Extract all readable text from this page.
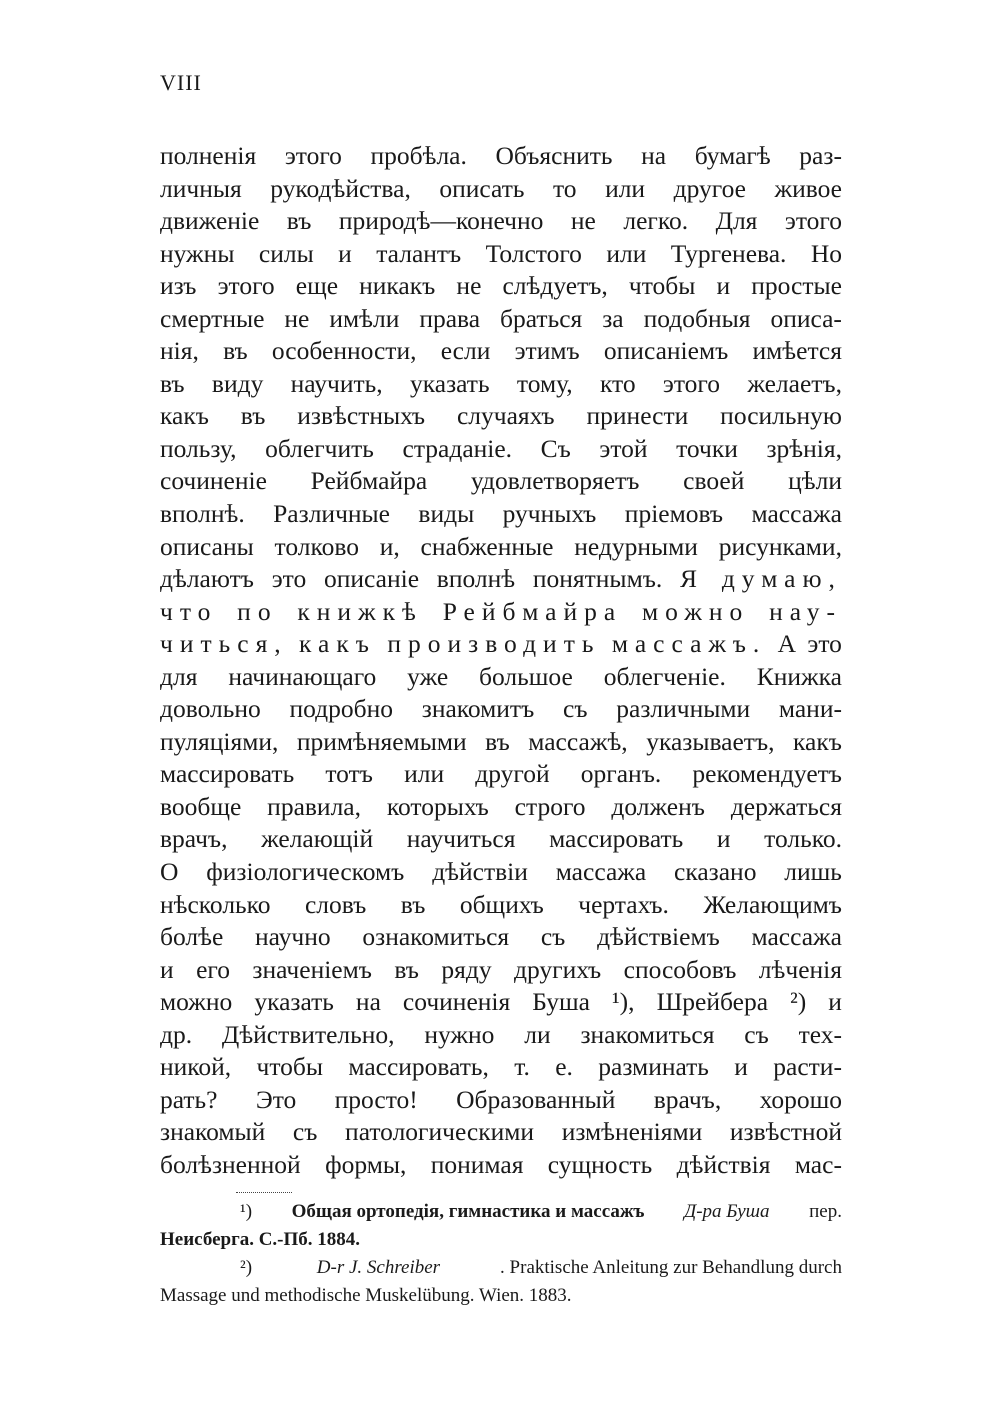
VIII
полненія этого пробѣла. Объяснить на бумагѣ раз-
личныя рукодѣйства, описать то или другое живое
движеніе въ природѣ—конечно не легко. Для этого
нужны силы и талантъ Толстого или Тургенева. Но
изъ этого еще никакъ не слѣдуетъ, чтобы и простые
смертные не имѣли права браться за подобныя описа-
нія, въ особенности, если этимъ описаніемъ имѣется
въ виду научить, указать тому, кто этого желаетъ,
какъ въ извѣстныхъ случаяхъ принести посильную
пользу, облегчить страданіе. Съ этой точки зрѣнія,
сочиненіе Рейбмайра удовлетворяетъ своей цѣли
вполнѣ. Различные виды ручныхъ пріемовъ массажа
описаны толково и, снабженные недурными рисунками,
дѣлаютъ это описаніе вполнѣ понятнымъ. Я думаю,
что по книжкѣ Рейбмайра можно нау-
читься, какъ производить массажъ. А это
для начинающаго уже большое облегченіе. Книжка
довольно подробно знакомитъ съ различными мани-
пуляціями, примѣняемыми въ массажѣ, указываетъ, какъ
массировать тотъ или другой органъ. рекомендуетъ
вообще правила, которыхъ строго долженъ держаться
врачъ, желающій научиться массировать и только.
О физіологическомъ дѣйствіи массажа сказано лишь
нѣсколько словъ въ общихъ чертахъ. Желающимъ
болѣе научно ознакомиться съ дѣйствіемъ массажа
и его значеніемъ въ ряду другихъ способовъ лѣченія
можно указать на сочиненія Буша ¹), Шрейбера ²) и
др. Дѣйствительно, нужно ли знакомиться съ тех-
никой, чтобы массировать, т. е. разминать и расти-
рать? Это просто! Образованный врачъ, хорошо
знакомый съ патологическими измѣненіями извѣстной
болѣзненной формы, понимая сущность дѣйствія мас-
¹) Общая ортопедія, гимнастика и массажъ Д-ра Буша пер.
Неисберга. С.-Пб. 1884.
²)	D-r J. Schreiber	. Praktische Anleitung zur Behandlung durch
Massage und methodische Muskelübung. Wien. 1883.
